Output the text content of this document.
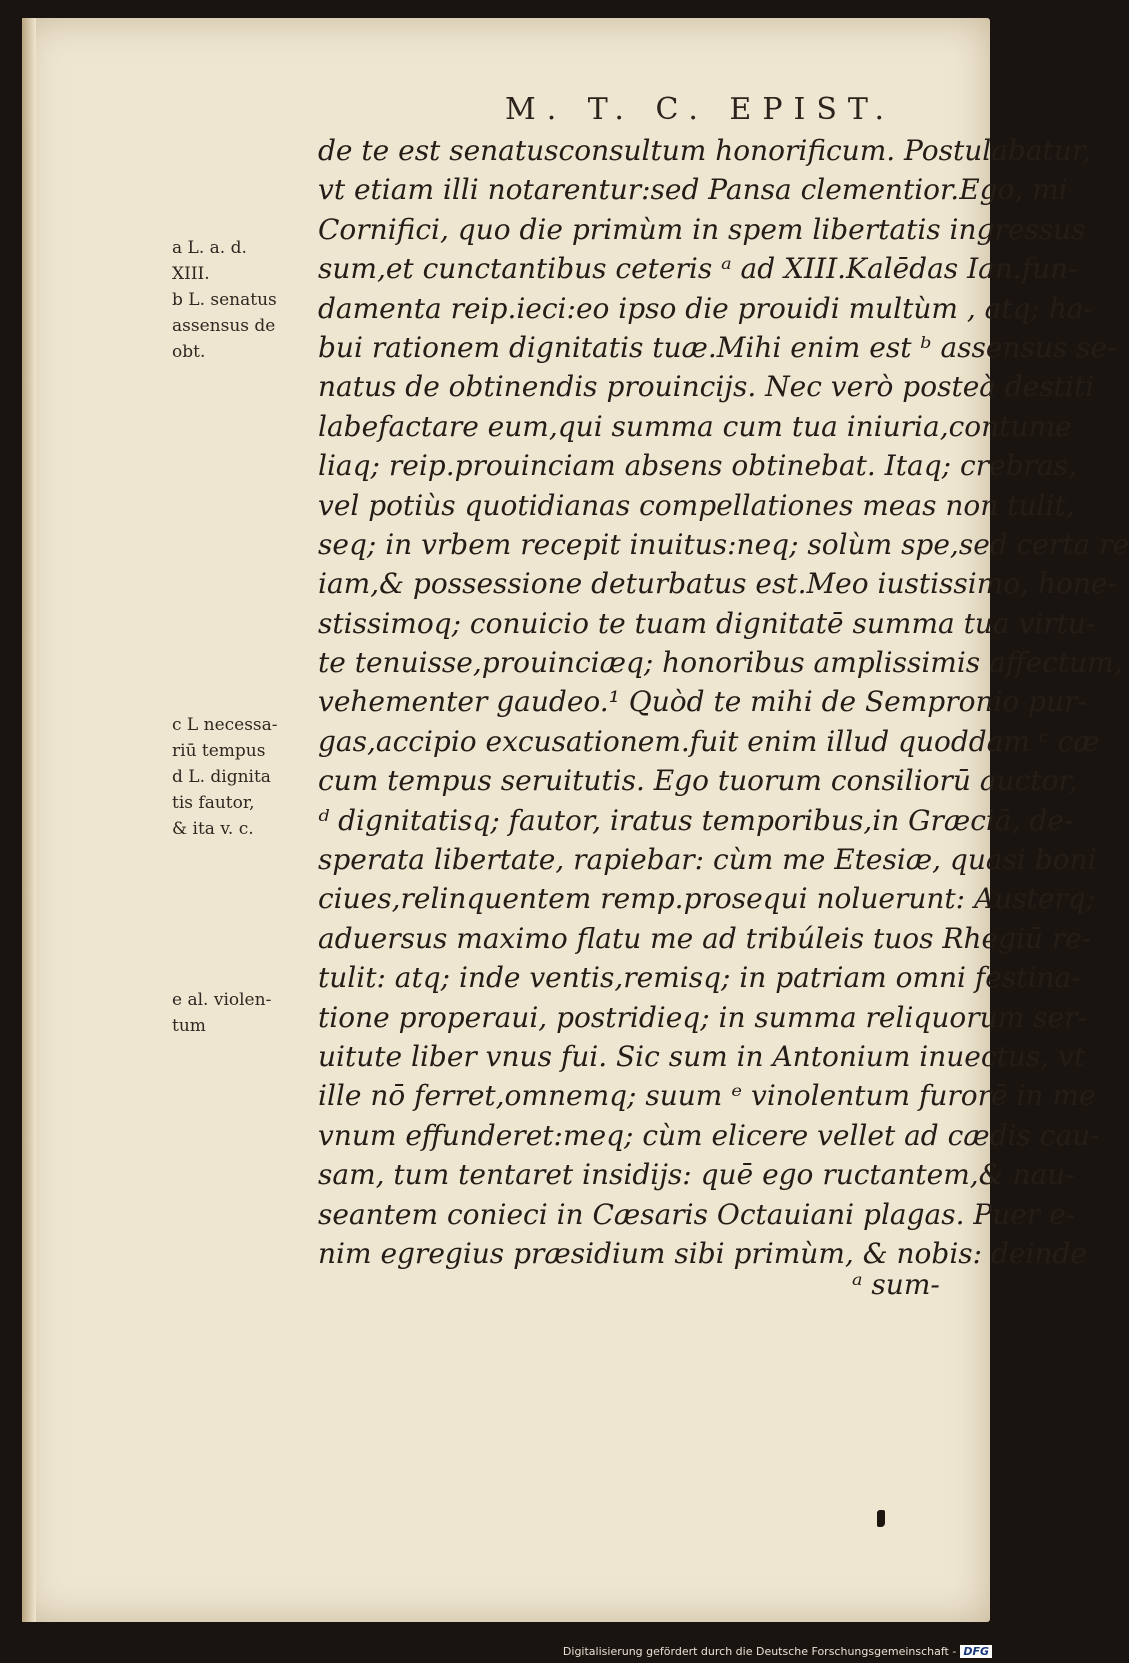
M. T. C. EPIST.
de te est senatusconsultum honorificum. Postulabatur,
vt etiam illi notarentur:sed Pansa clementior.Ego, mi
Cornifici, quo die primùm in spem libertatis ingressus
sum,et cunctantibus ceteris ᵃ ad XIII.Kalēdas Ian.fun-
damenta reip.ieci:eo ipso die prouidi multùm , atq; ha-
bui rationem dignitatis tuæ.Mihi enim est ᵇ assensus se-
natus de obtinendis prouincijs. Nec verò posteà destiti
labefactare eum,qui summa cum tua iniuria,contume
liaq; reip.prouinciam absens obtinebat. Itaq; crebras,
vel potiùs quotidianas compellationes meas non tulit,
seq; in vrbem recepit inuitus:neq; solùm spe,sed certa re
iam,& possessione deturbatus est.Meo iustissimo, hone-
stissimoq; conuicio te tuam dignitatē summa tua virtu-
te tenuisse,prouinciæq; honoribus amplissimis affectum,
vehementer gaudeo.¹ Quòd te mihi de Sempronio pur-
gas,accipio excusationem.fuit enim illud quoddam ᶜ cæ
cum tempus seruitutis. Ego tuorum consiliorū auctor,
ᵈ dignitatisq; fautor, iratus temporibus,in Græciā, de-
sperata libertate, rapiebar: cùm me Etesiæ, quasi boni
ciues,relinquentem remp.prosequi noluerunt: Austerq;
aduersus maximo flatu me ad tribúleis tuos Rhegiū re-
tulit: atq; inde ventis,remisq; in patriam omni festina-
tione properaui, postridieq; in summa reliquorum ser-
uitute liber vnus fui. Sic sum in Antonium inuectus, vt
ille nō ferret,omnemq; suum ᵉ vinolentum furorē in me
vnum effunderet:meq; cùm elicere vellet ad cædis cau-
sam, tum tentaret insidijs: quē ego ructantem,& nau-
seantem conieci in Cæsaris Octauiani plagas. Puer e-
nim egregius præsidium sibi primùm, & nobis: deinde
a L. a. d.
XIII.
b L. senatus
assensus de
obt.
c L necessa-
riū tempus
d L. dignita
tis fautor,
& ita v. c.
e al. violen-
tum
ᵃ sum-
Digitalisierung gefördert durch die Deutsche Forschungsgemeinschaft - DFG
